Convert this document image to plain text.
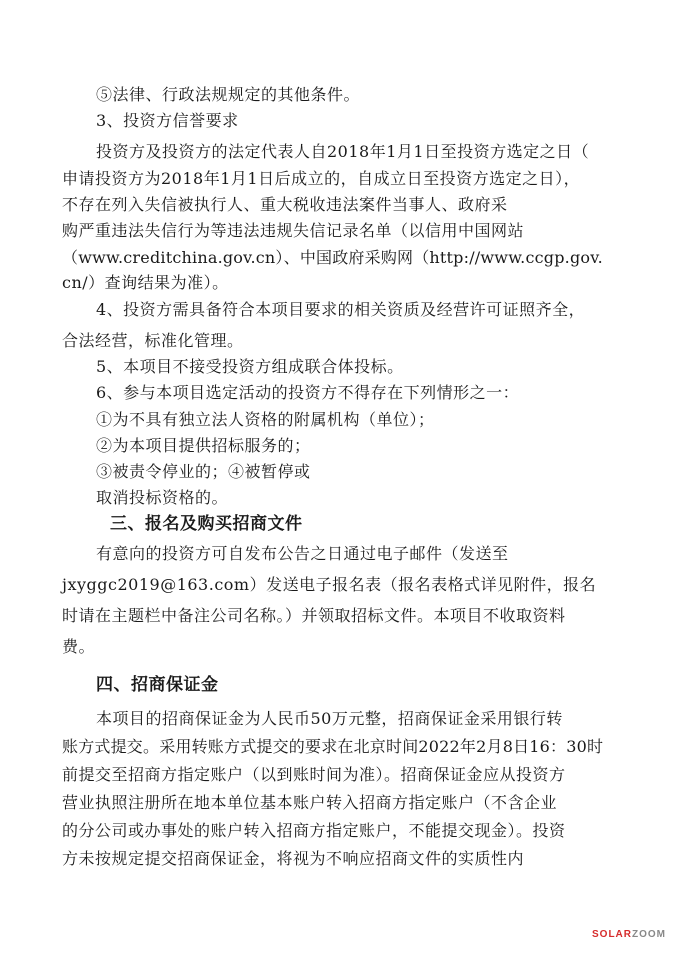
⑤法律、行政法规规定的其他条件。
3、投资方信誉要求
投资方及投资方的法定代表人自2018年1月1日至投资方选定之日（
申请投资方为2018年1月1日后成立的，自成立日至投资方选定之日），
不存在列入失信被执行人、重大税收违法案件当事人、政府采
购严重违法失信行为等违法违规失信记录名单（以信用中国网站
（www.creditchina.gov.cn）、中国政府采购网（http://www.ccgp.gov.
cn/）查询结果为准）。
4、投资方需具备符合本项目要求的相关资质及经营许可证照齐全，
合法经营，标准化管理。
5、本项目不接受投资方组成联合体投标。
6、参与本项目选定活动的投资方不得存在下列情形之一：
①为不具有独立法人资格的附属机构（单位）；
②为本项目提供招标服务的；
③被责令停业的；④被暂停或
取消投标资格的。
三、报名及购买招商文件
有意向的投资方可自发布公告之日通过电子邮件（发送至
jxyggc2019@163.com）发送电子报名表（报名表格式详见附件，报名
时请在主题栏中备注公司名称。）并领取招标文件。本项目不收取资料
费。
四、招商保证金
本项目的招商保证金为人民币50万元整，招商保证金采用银行转
账方式提交。采用转账方式提交的要求在北京时间2022年2月8日16：30时
前提交至招商方指定账户（以到账时间为准）。招商保证金应从投资方
营业执照注册所在地本单位基本账户转入招商方指定账户（不含企业
的分公司或办事处的账户转入招商方指定账户，不能提交现金）。投资
方未按规定提交招商保证金，将视为不响应招商文件的实质性内
SOLARZOOM
